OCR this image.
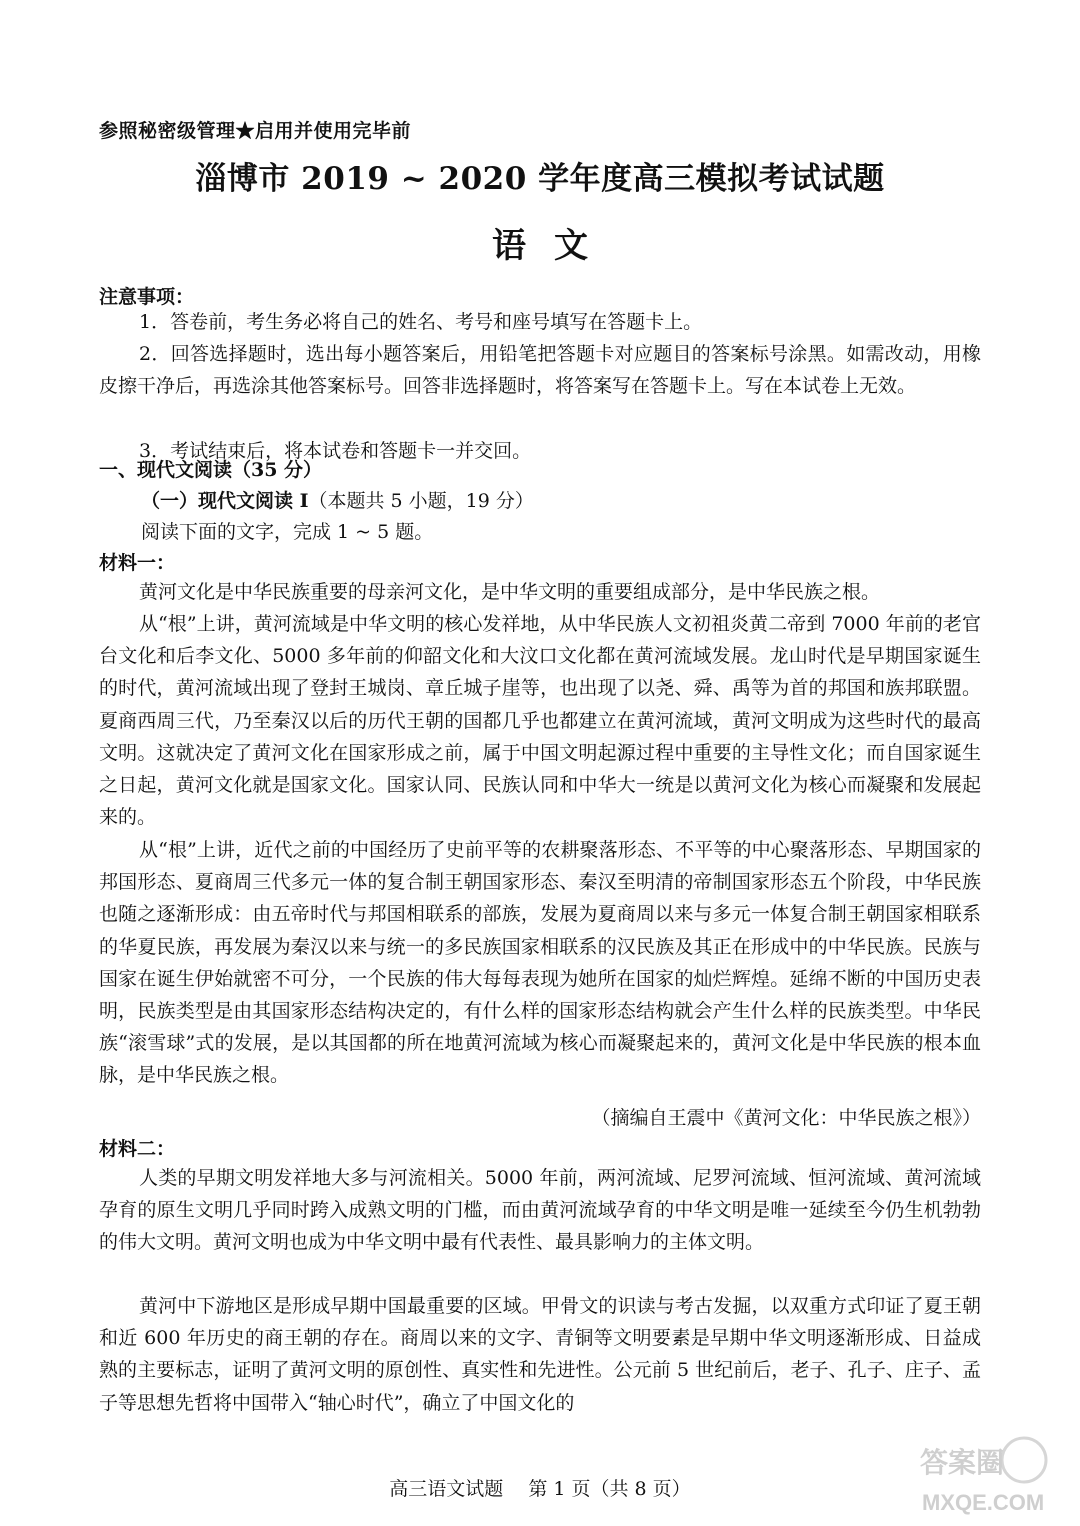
参照秘密级管理★启用并使用完毕前
淄博市 2019 ~ 2020 学年度高三模拟考试试题
语文
注意事项：
1．答卷前，考生务必将自己的姓名、考号和座号填写在答题卡上。
2．回答选择题时，选出每小题答案后，用铅笔把答题卡对应题目的答案标号涂黑。如需改动，用橡皮擦干净后，再选涂其他答案标号。回答非选择题时，将答案写在答题卡上。写在本试卷上无效。
3．考试结束后，将本试卷和答题卡一并交回。
一、现代文阅读（35 分）
（一）现代文阅读 I（本题共 5 小题，19 分）
阅读下面的文字，完成 1 ~ 5 题。
材料一：
黄河文化是中华民族重要的母亲河文化，是中华文明的重要组成部分，是中华民族之根。
从“根”上讲，黄河流域是中华文明的核心发祥地，从中华民族人文初祖炎黄二帝到 7000 年前的老官台文化和后李文化、5000 多年前的仰韶文化和大汶口文化都在黄河流域发展。龙山时代是早期国家诞生的时代，黄河流域出现了登封王城岗、章丘城子崖等，也出现了以尧、舜、禹等为首的邦国和族邦联盟。夏商西周三代，乃至秦汉以后的历代王朝的国都几乎也都建立在黄河流域，黄河文明成为这些时代的最高文明。这就决定了黄河文化在国家形成之前，属于中国文明起源过程中重要的主导性文化；而自国家诞生之日起，黄河文化就是国家文化。国家认同、民族认同和中华大一统是以黄河文化为核心而凝聚和发展起来的。
从“根”上讲，近代之前的中国经历了史前平等的农耕聚落形态、不平等的中心聚落形态、早期国家的邦国形态、夏商周三代多元一体的复合制王朝国家形态、秦汉至明清的帝制国家形态五个阶段，中华民族也随之逐渐形成：由五帝时代与邦国相联系的部族，发展为夏商周以来与多元一体复合制王朝国家相联系的华夏民族，再发展为秦汉以来与统一的多民族国家相联系的汉民族及其正在形成中的中华民族。民族与国家在诞生伊始就密不可分，一个民族的伟大每每表现为她所在国家的灿烂辉煌。延绵不断的中国历史表明，民族类型是由其国家形态结构决定的，有什么样的国家形态结构就会产生什么样的民族类型。中华民族“滚雪球”式的发展，是以其国都的所在地黄河流域为核心而凝聚起来的，黄河文化是中华民族的根本血脉，是中华民族之根。
（摘编自王震中《黄河文化：中华民族之根》）
材料二：
人类的早期文明发祥地大多与河流相关。5000 年前，两河流域、尼罗河流域、恒河流域、黄河流域孕育的原生文明几乎同时跨入成熟文明的门槛，而由黄河流域孕育的中华文明是唯一延续至今仍生机勃勃的伟大文明。黄河文明也成为中华文明中最有代表性、最具影响力的主体文明。
黄河中下游地区是形成早期中国最重要的区域。甲骨文的识读与考古发掘，以双重方式印证了夏王朝和近 600 年历史的商王朝的存在。商周以来的文字、青铜等文明要素是早期中华文明逐渐形成、日益成熟的主要标志，证明了黄河文明的原创性、真实性和先进性。公元前 5 世纪前后，老子、孔子、庄子、孟子等思想先哲将中国带入“轴心时代”，确立了中国文化的
高三语文试题　 第 1 页（共 8 页）
答案圈
MXQE.COM
